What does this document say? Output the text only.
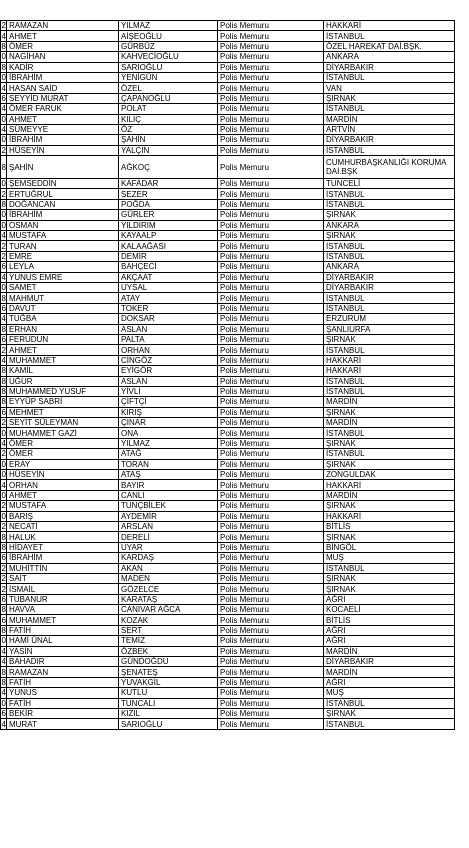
2	RAMAZAN	YILMAZ	Polis Memuru	HAKKARİ
4	AHMET	AİŞEOĞLU	Polis Memuru	İSTANBUL
8	ÖMER	GÜRBÜZ	Polis Memuru	ÖZEL HAREKAT DAİ.BŞK.
0	NAGİHAN	KAHVECİOĞLU	Polis Memuru	ANKARA
8	KADİR	SARIOĞLU	Polis Memuru	DİYARBAKIR
0	İBRAHİM	YENİGÜN	Polis Memuru	İSTANBUL
4	HASAN SAİD	ÖZEL	Polis Memuru	VAN
6	SEYYİD MURAT	ÇAPANOĞLU	Polis Memuru	ŞIRNAK
4	ÖMER FARUK	POLAT	Polis Memuru	İSTANBUL
0	AHMET	KILIÇ	Polis Memuru	MARDİN
4	SÜMEYYE	ÖZ	Polis Memuru	ARTVİN
0	İBRAHİM	ŞAHİN	Polis Memuru	DİYARBAKIR
2	HÜSEYİN	YALÇIN	Polis Memuru	İSTANBUL
8	ŞAHİN	AĞKOÇ	Polis Memuru	CUMHURBAŞKANLIĞI KORUMA DAİ.BŞK
0	ŞEMSEDDİN	KAFADAR	Polis Memuru	TUNCELİ
2	ERTUĞRUL	SEZER	Polis Memuru	İSTANBUL
8	DOĞANCAN	POĞDA	Polis Memuru	İSTANBUL
0	İBRAHİM	GÜRLER	Polis Memuru	ŞIRNAK
0	OSMAN	YILDIRIM	Polis Memuru	ANKARA
4	MUSTAFA	KAYAALP	Polis Memuru	ŞIRNAK
2	TURAN	KALAAĞASI	Polis Memuru	İSTANBUL
2	EMRE	DEMİR	Polis Memuru	İSTANBUL
6	LEYLA	BAHÇECİ	Polis Memuru	ANKARA
4	YUNUS EMRE	AKÇAAT	Polis Memuru	DİYARBAKIR
0	SAMET	UYSAL	Polis Memuru	DİYARBAKIR
8	MAHMUT	ATAY	Polis Memuru	İSTANBUL
6	DAVUT	TOKER	Polis Memuru	İSTANBUL
4	TUĞBA	DOKSAR	Polis Memuru	ERZURUM
8	ERHAN	ASLAN	Polis Memuru	ŞANLIURFA
6	FERUDUN	PALTA	Polis Memuru	ŞIRNAK
2	AHMET	ORHAN	Polis Memuru	İSTANBUL
4	MUHAMMET	CİNGÖZ	Polis Memuru	HAKKARİ
8	KAMİL	EYİGÖR	Polis Memuru	HAKKARİ
8	UĞUR	ASLAN	Polis Memuru	İSTANBUL
8	MUHAMMED YUSUF	YİVLİ	Polis Memuru	İSTANBUL
8	EYYÜP SABRİ	ÇİFTÇİ	Polis Memuru	MARDİN
6	MEHMET	KIRIŞ	Polis Memuru	ŞIRNAK
2	SEYİT SÜLEYMAN	ÇINAR	Polis Memuru	MARDİN
0	MUHAMMET GAZİ	ONA	Polis Memuru	İSTANBUL
4	ÖMER	YILMAZ	Polis Memuru	ŞIRNAK
2	ÖMER	ATAĞ	Polis Memuru	İSTANBUL
0	ERAY	TORAN	Polis Memuru	ŞIRNAK
0	HÜSEYİN	ATAŞ	Polis Memuru	ZONGULDAK
4	ORHAN	BAYIR	Polis Memuru	HAKKARİ
0	AHMET	CANLI	Polis Memuru	MARDİN
2	MUSTAFA	TUNÇBİLEK	Polis Memuru	ŞIRNAK
0	BARIŞ	AYDEMİR	Polis Memuru	HAKKARİ
2	NECATİ	ARSLAN	Polis Memuru	BİTLİS
8	HALUK	DERELİ	Polis Memuru	ŞIRNAK
8	HİDAYET	UYAR	Polis Memuru	BİNGÖL
6	İBRAHİM	KARDAŞ	Polis Memuru	MUŞ
2	MUHİTTİN	AKAN	Polis Memuru	İSTANBUL
2	SAİT	MADEN	Polis Memuru	ŞIRNAK
2	İSMAİL	GÖZELCE	Polis Memuru	ŞIRNAK
6	TUBANUR	KARATAŞ	Polis Memuru	AĞRI
8	HAVVA	CANIVAR AĞCA	Polis Memuru	KOCAELİ
6	MUHAMMET	KOZAK	Polis Memuru	BİTLİS
8	FATİH	SERT	Polis Memuru	AĞRI
0	HAMİ ÜNAL	TEMİZ	Polis Memuru	AĞRI
4	YASİN	ÖZBEK	Polis Memuru	MARDİN
4	BAHADIR	GÜNDOĞDU	Polis Memuru	DİYARBAKIR
8	RAMAZAN	ŞENATEŞ	Polis Memuru	MARDİN
8	FATİH	YUVAKGİL	Polis Memuru	AĞRI
4	YUNUS	KUTLU	Polis Memuru	MUŞ
0	FATİH	TUNCALI	Polis Memuru	İSTANBUL
6	BEKİR	KIZIL	Polis Memuru	ŞIRNAK
4	MURAT	SARIOĞLU	Polis Memuru	İSTANBUL
